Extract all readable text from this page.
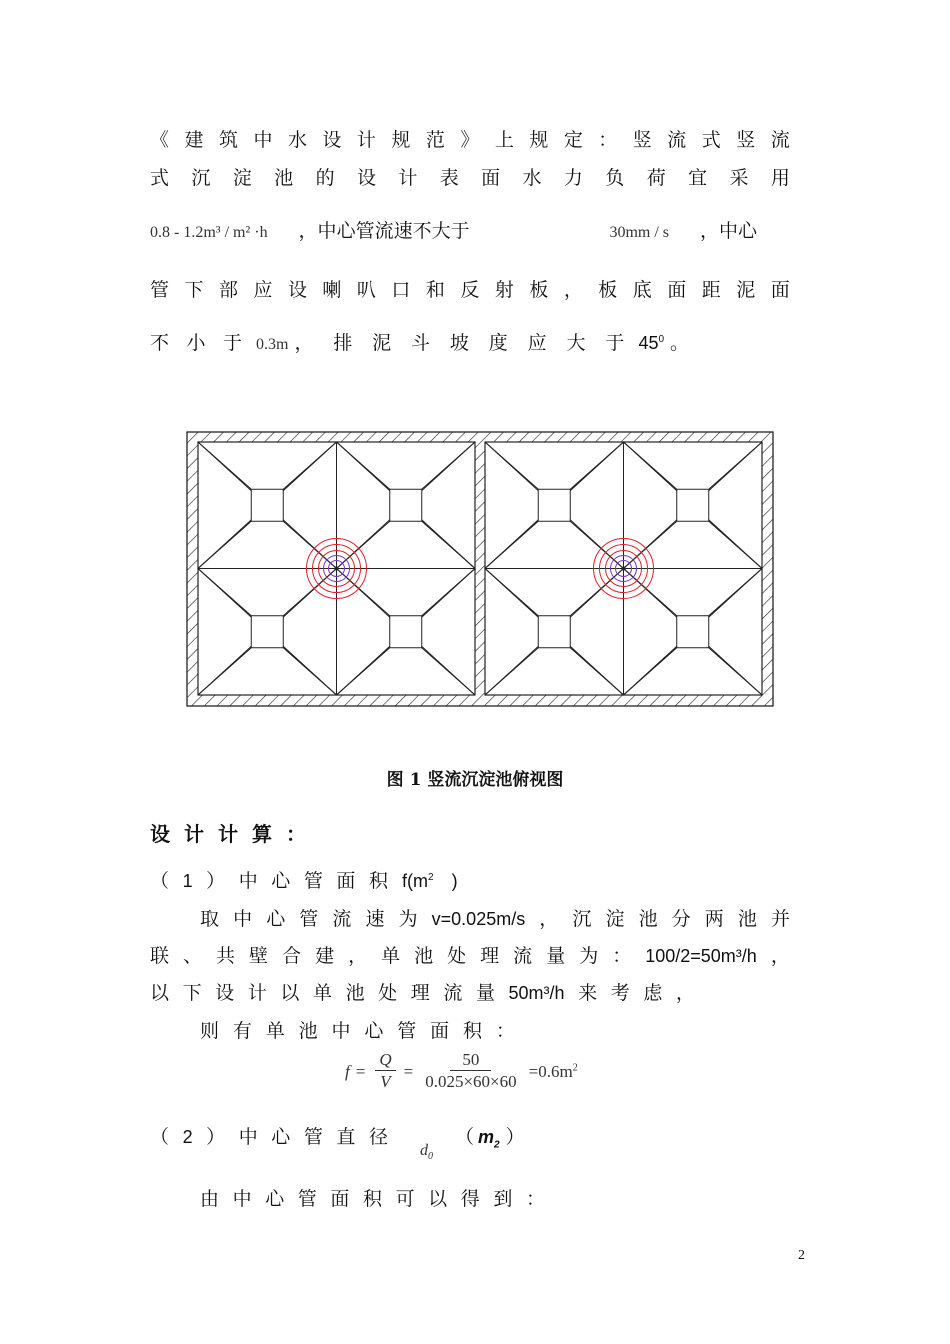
《 建 筑 中 水 设 计 规 范 》 上 规 定 ： 竖 流 式 竖 流
式 沉 淀 池 的 设 计 表 面 水 力 负 荷 宜 采 用
0.8 - 1.2m³ / m² ·h ，中心管流速不大于	30mm / s ，中心
管 下 部 应 设 喇 叭 口 和 反 射 板 ， 板 底 面 距 泥 面
不 小 于 0.3m ， 排 泥 斗 坡 度 应 大 于 $45^0$ 。
图 1 竖流沉淀池俯视图
设计计算：
（ 1 ） 中 心 管 面 积 $f(m^2$ )
取 中 心 管 流 速 为 v=0.025m/s ， 沉 淀 池 分 两 池 并
联 、 共 壁 合 建 ， 单 池 处 理 流 量 为 ： 100/2=50m³/h ，
以 下 设 计 以 单 池 处 理 流 量 50m³/h 来 考 虑 ，
则 有 单 池 中 心 管 面 积 ：
$f = \frac{Q}{V} = \frac{50}{0.025\times 60\times 60} =0.6m^2$
（ 2 ） 中 心 管 直 径
$d_0$
（ $m_2$ ）
由 中 心 管 面 积 可 以 得 到 ：
2
